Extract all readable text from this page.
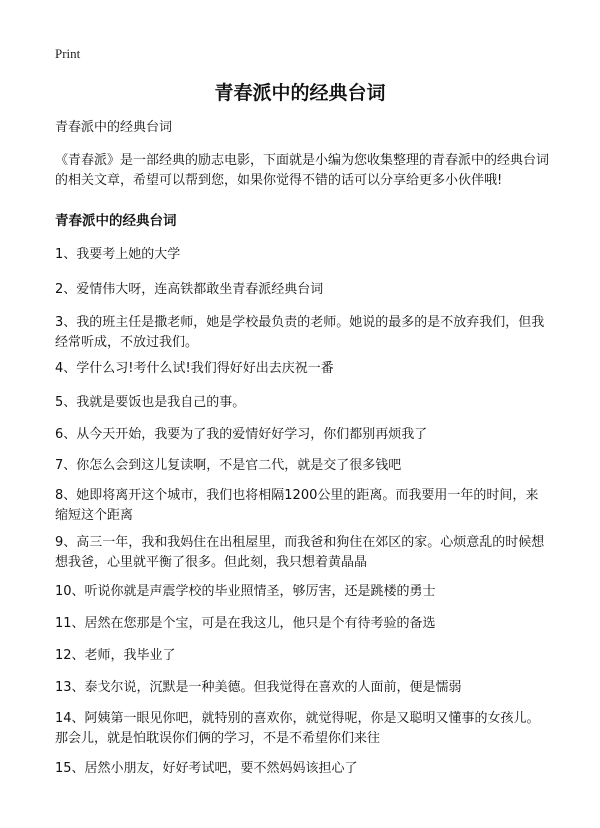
Print
青春派中的经典台词

青春派中的经典台词

《青春派》是一部经典的励志电影，下面就是小编为您收集整理的青春派中的经典台词的相关文章，希望可以帮到您，如果你觉得不错的话可以分享给更多小伙伴哦!

青春派中的经典台词

1、我要考上她的大学

2、爱情伟大呀，连高铁都敢坐青春派经典台词

3、我的班主任是撒老师，她是学校最负责的老师。她说的最多的是不放弃我们，但我经常听成，不放过我们。

4、学什么习!考什么试!我们得好好出去庆祝一番

5、我就是要饭也是我自己的事。

6、从今天开始，我要为了我的爱情好好学习，你们都别再烦我了

7、你怎么会到这儿复读啊，不是官二代，就是交了很多钱吧

8、她即将离开这个城市，我们也将相隔1200公里的距离。而我要用一年的时间，来缩短这个距离

9、高三一年，我和我妈住在出租屋里，而我爸和狗住在郊区的家。心烦意乱的时候想想我爸，心里就平衡了很多。但此刻，我只想着黄晶晶

10、听说你就是声震学校的毕业照情圣，够厉害，还是跳楼的勇士

11、居然在您那是个宝，可是在我这儿，他只是个有待考验的备选

12、老师，我毕业了

13、泰戈尔说，沉默是一种美德。但我觉得在喜欢的人面前，便是懦弱

14、阿姨第一眼见你吧，就特别的喜欢你，就觉得呢，你是又聪明又懂事的女孩儿。那会儿，就是怕耽误你们俩的学习，不是不希望你们来往

15、居然小朋友，好好考试吧，要不然妈妈该担心了
